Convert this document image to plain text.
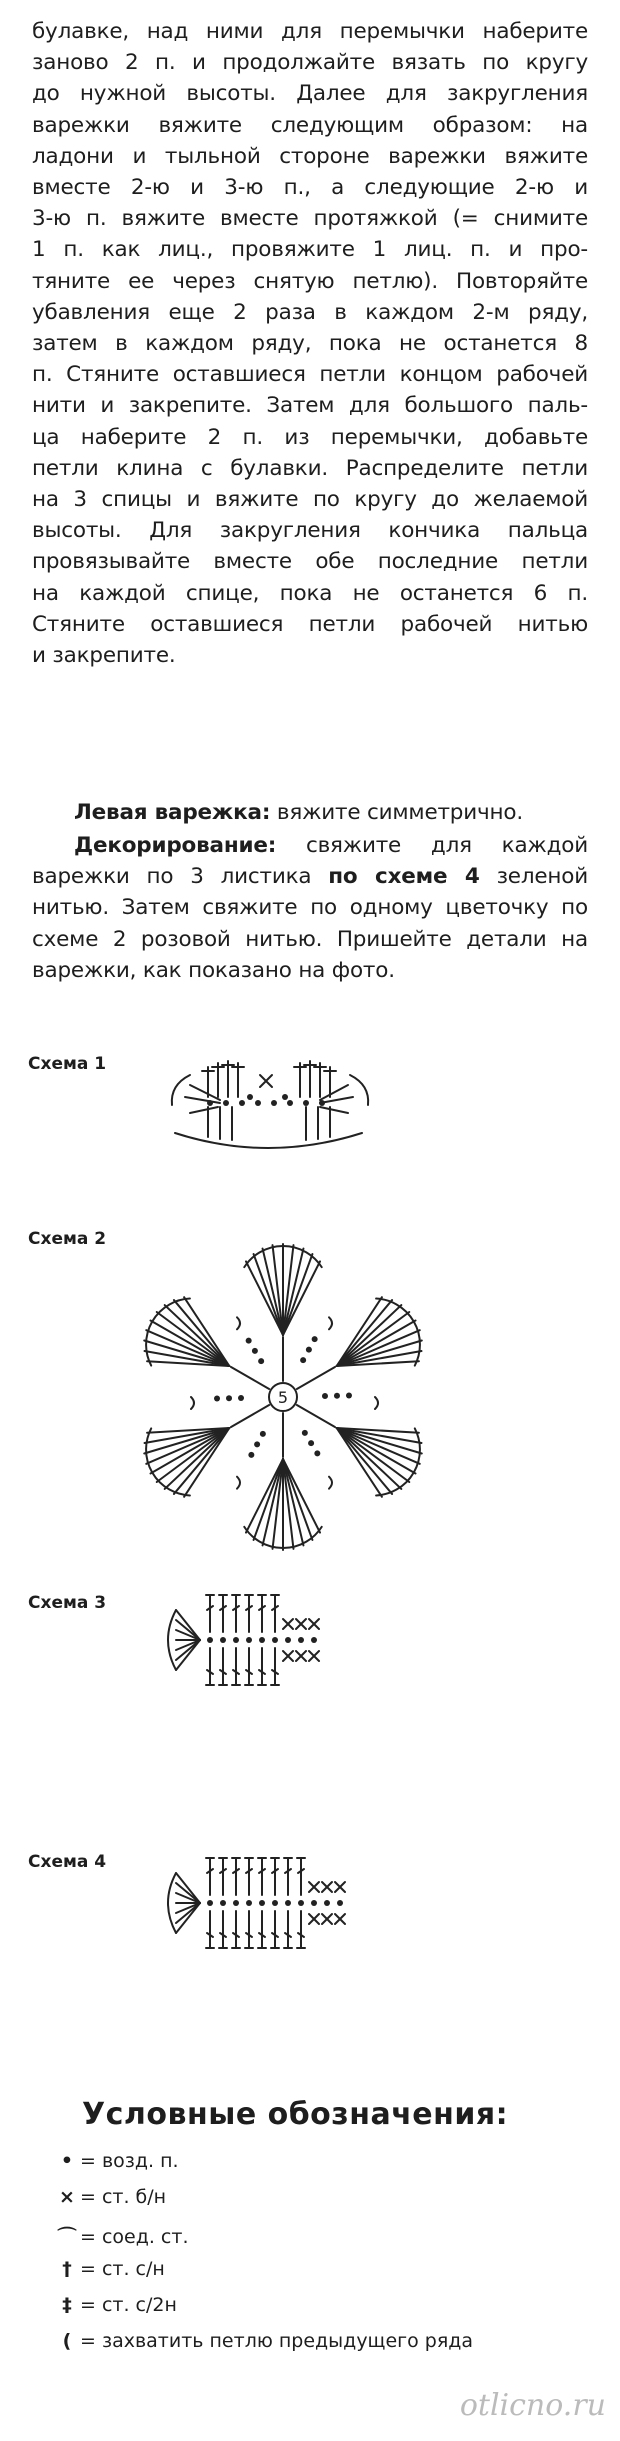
булавке, над ними для перемычки наберите
заново 2 п. и продолжайте вязать по кругу
до нужной высоты. Далее для закругления
варежки вяжите следующим образом: на
ладони и тыльной стороне варежки вяжите
вместе 2-ю и 3-ю п., а следующие 2-ю и
3-ю п. вяжите вместе протяжкой (= снимите
1 п. как лиц., провяжите 1 лиц. п. и про-
тяните ее через снятую петлю). Повторяйте
убавления еще 2 раза в каждом 2-м ряду,
затем в каждом ряду, пока не останется 8
п. Стяните оставшиеся петли концом рабочей
нити и закрепите. Затем для большого паль-
ца наберите 2 п. из перемычки, добавьте
петли клина с булавки. Распределите петли
на 3 спицы и вяжите по кругу до желаемой
высоты. Для закругления кончика пальца
провязывайте вместе обе последние петли
на каждой спице, пока не останется 6 п.
Стяните оставшиеся петли рабочей нитью
и закрепите.
Левая варежка: вяжите симметрично.
Декорирование: свяжите для каждой
варежки по 3 листика по схеме 4 зеленой
нитью. Затем свяжите по одному цветочку по
схеме 2 розовой нитью. Пришейте детали на
варежки, как показано на фото.
Схема 1
Схема 2
Схема 3
Схема 4
5
Условные обозначения:
• = возд. п.
× = ст. б/н
⌒ = соед. ст.
† = ст. с/н
‡ = ст. с/2н
( = захватить петлю предыдущего ряда
otlicno.ru
